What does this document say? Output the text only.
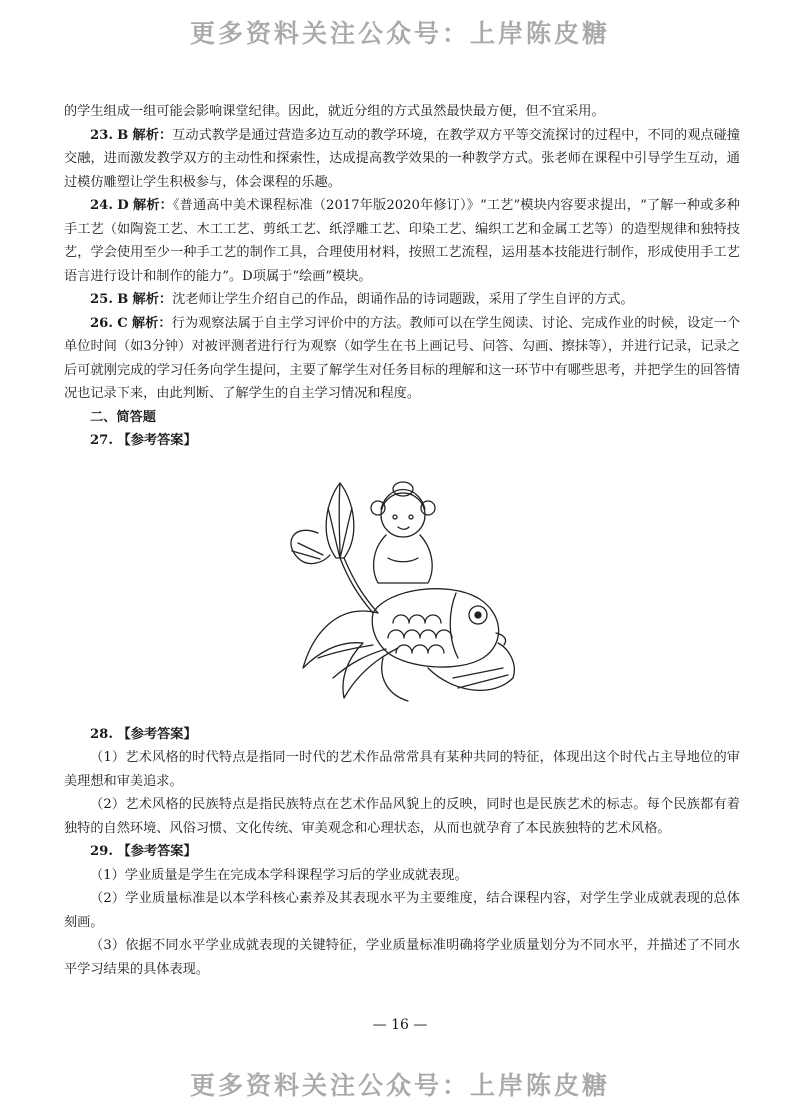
更多资料关注公众号：上岸陈皮糖

的学生组成一组可能会影响课堂纪律。因此，就近分组的方式虽然最快最方便，但不宜采用。

23. B 解析：互动式教学是通过营造多边互动的教学环境，在教学双方平等交流探讨的过程中，不同的观点碰撞交融，进而激发教学双方的主动性和探索性，达成提高教学效果的一种教学方式。张老师在课程中引导学生互动，通过模仿雕塑让学生积极参与，体会课程的乐趣。

24. D 解析：《普通高中美术课程标准（2017年版2020年修订）》“工艺”模块内容要求提出，“了解一种或多种手工艺（如陶瓷工艺、木工工艺、剪纸工艺、纸浮雕工艺、印染工艺、编织工艺和金属工艺等）的造型规律和独特技艺，学会使用至少一种手工艺的制作工具，合理使用材料，按照工艺流程，运用基本技能进行制作，形成使用手工艺语言进行设计和制作的能力”。D项属于“绘画”模块。

25. B 解析：沈老师让学生介绍自己的作品，朗诵作品的诗词题跋，采用了学生自评的方式。

26. C 解析：行为观察法属于自主学习评价中的方法。教师可以在学生阅读、讨论、完成作业的时候，设定一个单位时间（如3分钟）对被评测者进行行为观察（如学生在书上画记号、问答、勾画、擦抹等），并进行记录，记录之后可就刚完成的学习任务向学生提问，主要了解学生对任务目标的理解和这一环节中有哪些思考，并把学生的回答情况也记录下来，由此判断、了解学生的自主学习情况和程度。

二、简答题

27. 【参考答案】

28. 【参考答案】

（1）艺术风格的时代特点是指同一时代的艺术作品常常具有某种共同的特征，体现出这个时代占主导地位的审美理想和审美追求。

（2）艺术风格的民族特点是指民族特点在艺术作品风貌上的反映，同时也是民族艺术的标志。每个民族都有着独特的自然环境、风俗习惯、文化传统、审美观念和心理状态，从而也就孕育了本民族独特的艺术风格。

29. 【参考答案】

（1）学业质量是学生在完成本学科课程学习后的学业成就表现。

（2）学业质量标准是以本学科核心素养及其表现水平为主要维度，结合课程内容，对学生学业成就表现的总体刻画。

（3）依据不同水平学业成就表现的关键特征，学业质量标准明确将学业质量划分为不同水平，并描述了不同水平学习结果的具体表现。

— 16 —
更多资料关注公众号：上岸陈皮糖
